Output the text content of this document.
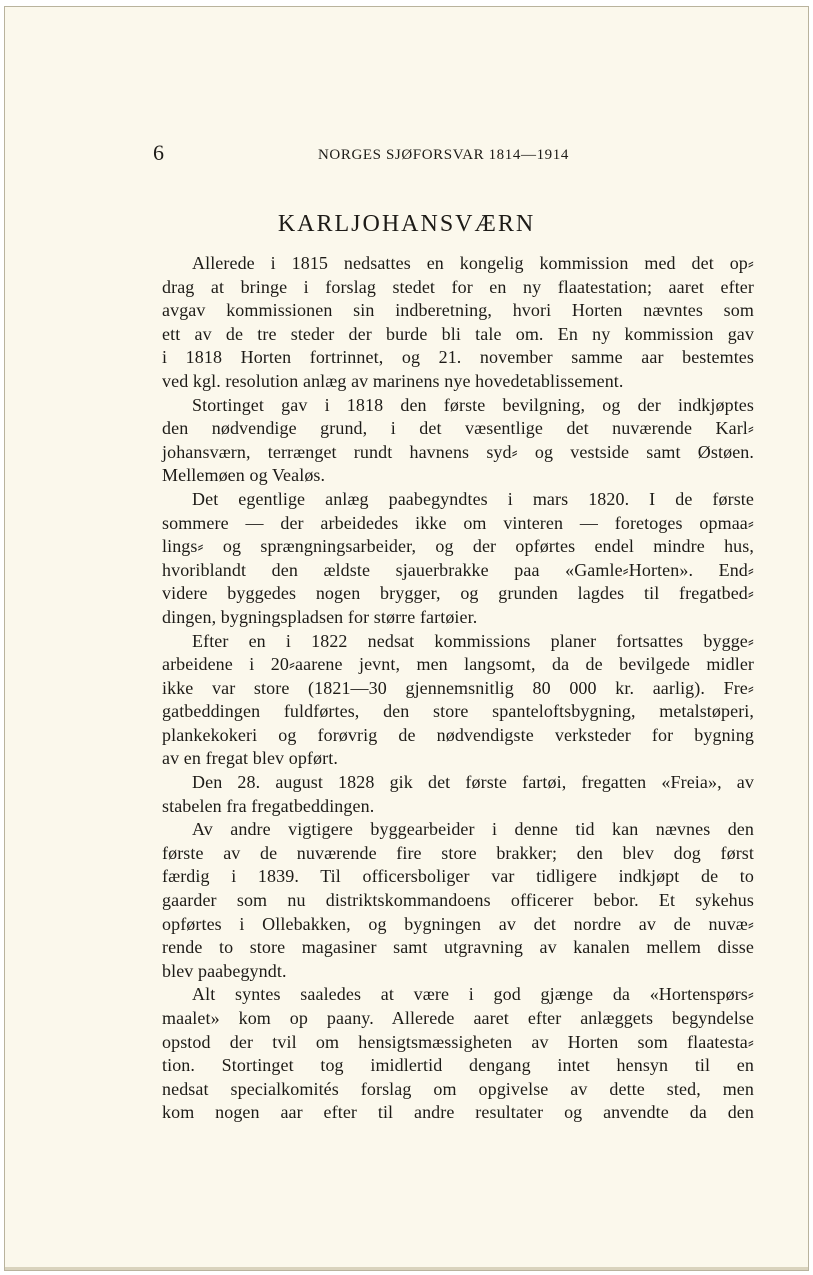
6	NORGES SJØFORSVAR 1814—1914
KARLJOHANSVÆRN
Allerede i 1815 nedsattes en kongelig kommission med det op⸗
drag at bringe i forslag stedet for en ny flaatestation; aaret efter
avgav kommissionen sin indberetning, hvori Horten nævntes som
ett av de tre steder der burde bli tale om. En ny kommission gav
i 1818 Horten fortrinnet, og 21. november samme aar bestemtes
ved kgl. resolution anlæg av marinens nye hovedetablissement.
Stortinget gav i 1818 den første bevilgning, og der indkjøptes
den nødvendige grund, i det væsentlige det nuværende Karl⸗
johansværn, terrænget rundt havnens syd⸗ og vestside samt Østøen.
Mellemøen og Vealøs.
Det egentlige anlæg paabegyndtes i mars 1820. I de første
sommere — der arbeidedes ikke om vinteren — foretoges opmaa⸗
lings⸗ og sprængningsarbeider, og der opførtes endel mindre hus,
hvoriblandt den ældste sjauerbrakke paa «Gamle⸗Horten». End⸗
videre byggedes nogen brygger, og grunden lagdes til fregatbed⸗
dingen, bygningspladsen for større fartøier.
Efter en i 1822 nedsat kommissions planer fortsattes bygge⸗
arbeidene i 20⸗aarene jevnt, men langsomt, da de bevilgede midler
ikke var store (1821—30 gjennemsnitlig 80 000 kr. aarlig). Fre⸗
gatbeddingen fuldførtes, den store spanteloftsbygning, metalstøperi,
plankekokeri og forøvrig de nødvendigste verksteder for bygning
av en fregat blev opført.
Den 28. august 1828 gik det første fartøi, fregatten «Freia», av
stabelen fra fregatbeddingen.
Av andre vigtigere byggearbeider i denne tid kan nævnes den
første av de nuværende fire store brakker; den blev dog først
færdig i 1839. Til officersboliger var tidligere indkjøpt de to
gaarder som nu distriktskommandoens officerer bebor. Et sykehus
opførtes i Ollebakken, og bygningen av det nordre av de nuvæ⸗
rende to store magasiner samt utgravning av kanalen mellem disse
blev paabegyndt.
Alt syntes saaledes at være i god gjænge da «Hortenspørs⸗
maalet» kom op paany. Allerede aaret efter anlæggets begyndelse
opstod der tvil om hensigtsmæssigheten av Horten som flaatesta⸗
tion. Stortinget tog imidlertid dengang intet hensyn til en
nedsat specialkomités forslag om opgivelse av dette sted, men
kom nogen aar efter til andre resultater og anvendte da den
